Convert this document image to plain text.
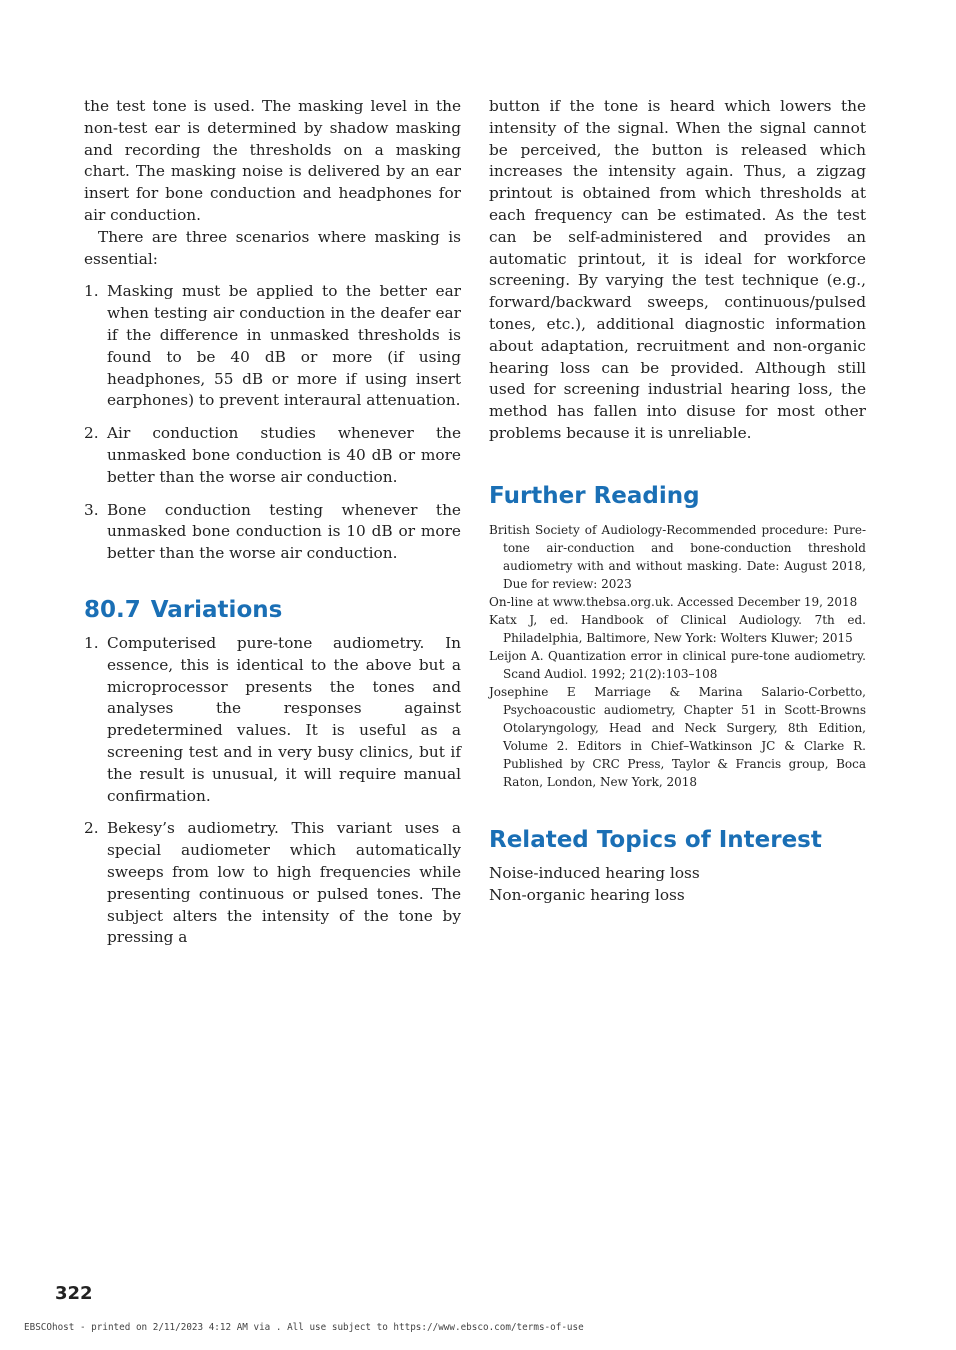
the test tone is used. The masking level in the non-test ear is determined by shadow masking and recording the thresholds on a masking chart. The masking noise is delivered by an ear insert for bone conduction and headphones for air conduction.

There are three scenarios where masking is essential:

1. Masking must be applied to the better ear when testing air conduction in the deafer ear if the difference in unmasked thresholds is found to be 40 dB or more (if using headphones, 55 dB or more if using insert earphones) to prevent interaural attenuation.
2. Air conduction studies whenever the unmasked bone conduction is 40 dB or more better than the worse air conduction.
3. Bone conduction testing whenever the unmasked bone conduction is 10 dB or more better than the worse air conduction.
80.7 Variations
1. Computerised pure-tone audiometry. In essence, this is identical to the above but a microprocessor presents the tones and analyses the responses against predetermined values. It is useful as a screening test and in very busy clinics, but if the result is unusual, it will require manual confirmation.
2. Bekesy’s audiometry. This variant uses a special audiometer which automatically sweeps from low to high frequencies while presenting continuous or pulsed tones. The subject alters the intensity of the tone by pressing a

button if the tone is heard which lowers the intensity of the signal. When the signal cannot be perceived, the button is released which increases the intensity again. Thus, a zigzag printout is obtained from which thresholds at each frequency can be estimated. As the test can be self-administered and provides an automatic printout, it is ideal for workforce screening. By varying the test technique (e.g., forward/backward sweeps, continuous/pulsed tones, etc.), additional diagnostic information about adaptation, recruitment and non-organic hearing loss can be provided. Although still used for screening industrial hearing loss, the method has fallen into disuse for most other problems because it is unreliable.

Further Reading
British Society of Audiology-Recommended procedure: Pure-tone air-conduction and bone-conduction threshold audiometry with and without masking. Date: August 2018, Due for review: 2023
On-line at www.thebsa.org.uk. Accessed December 19, 2018
Katx J, ed. Handbook of Clinical Audiology. 7th ed. Philadelphia, Baltimore, New York: Wolters Kluwer; 2015
Leijon A. Quantization error in clinical pure-tone audiometry. Scand Audiol. 1992; 21(2):103–108
Josephine E Marriage & Marina Salario-Corbetto, Psychoacoustic audiometry, Chapter 51 in Scott-Browns Otolaryngology, Head and Neck Surgery, 8th Edition, Volume 2. Editors in Chief–Watkinson JC & Clarke R. Published by CRC Press, Taylor & Francis group, Boca Raton, London, New York, 2018
Related Topics of Interest
Noise-induced hearing loss
Non-organic hearing loss
322
EBSCOhost - printed on 2/11/2023 4:12 AM via . All use subject to https://www.ebsco.com/terms-of-use
